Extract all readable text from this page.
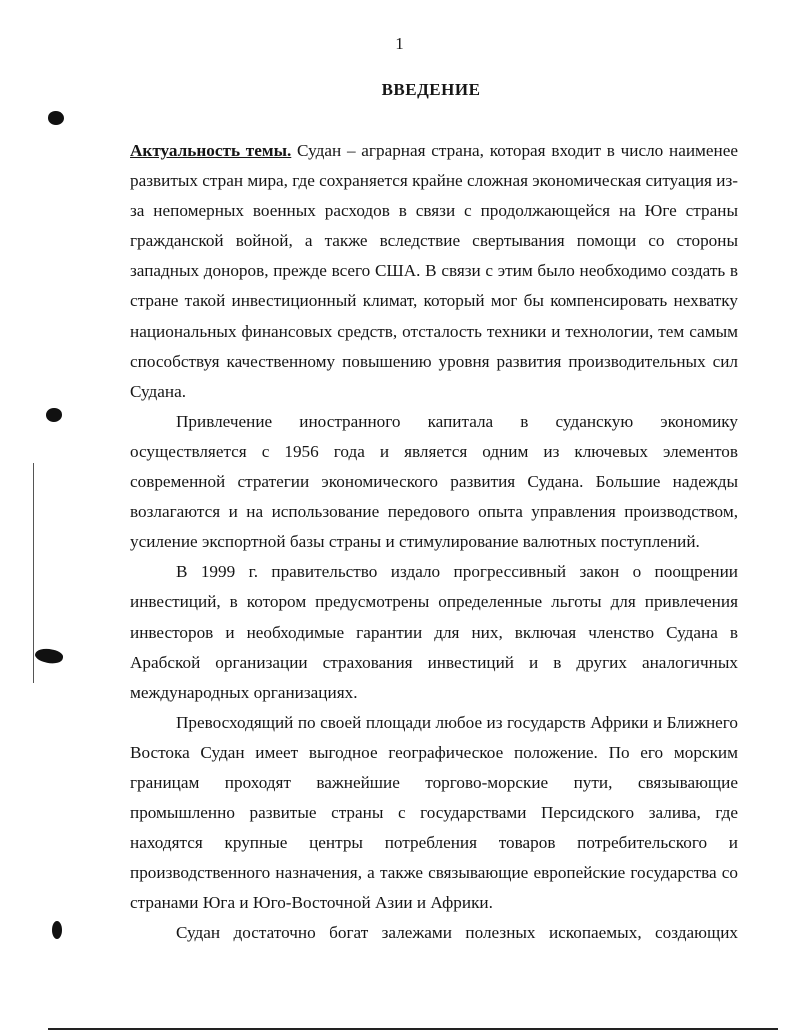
1
ВВЕДЕНИЕ

Актуальность темы. Судан – аграрная страна, которая входит в число наименее развитых стран мира, где сохраняется крайне сложная экономическая ситуация из-за непомерных военных расходов в связи с продолжающейся на Юге страны гражданской войной, а также вследствие свертывания помощи со стороны западных доноров, прежде всего США. В связи с этим было необходимо создать в стране такой инвестиционный климат, который мог бы компенсировать нехватку национальных финансовых средств, отсталость техники и технологии, тем самым способствуя качественному повышению уровня развития производительных сил Судана.

Привлечение иностранного капитала в суданскую экономику осуществляется с 1956 года и является одним из ключевых элементов современной стратегии экономического развития Судана. Большие надежды возлагаются и на использование передового опыта управления производством, усиление экспортной базы страны и стимулирование валютных поступлений.

В 1999 г. правительство издало прогрессивный закон о поощрении инвестиций, в котором предусмотрены определенные льготы для привлечения инвесторов и необходимые гарантии для них, включая членство Судана в Арабской организации страхования инвестиций и в других аналогичных международных организациях.

Превосходящий по своей площади любое из государств Африки и Ближнего Востока Судан имеет выгодное географическое положение. По его морским границам проходят важнейшие торгово-морские пути, связывающие промышленно развитые страны с государствами Персидского залива, где находятся крупные центры потребления товаров потребительского и производственного назначения, а также связывающие европейские государства со странами Юга и Юго-Восточной Азии и Африки.

Судан достаточно богат залежами полезных ископаемых, создающих
